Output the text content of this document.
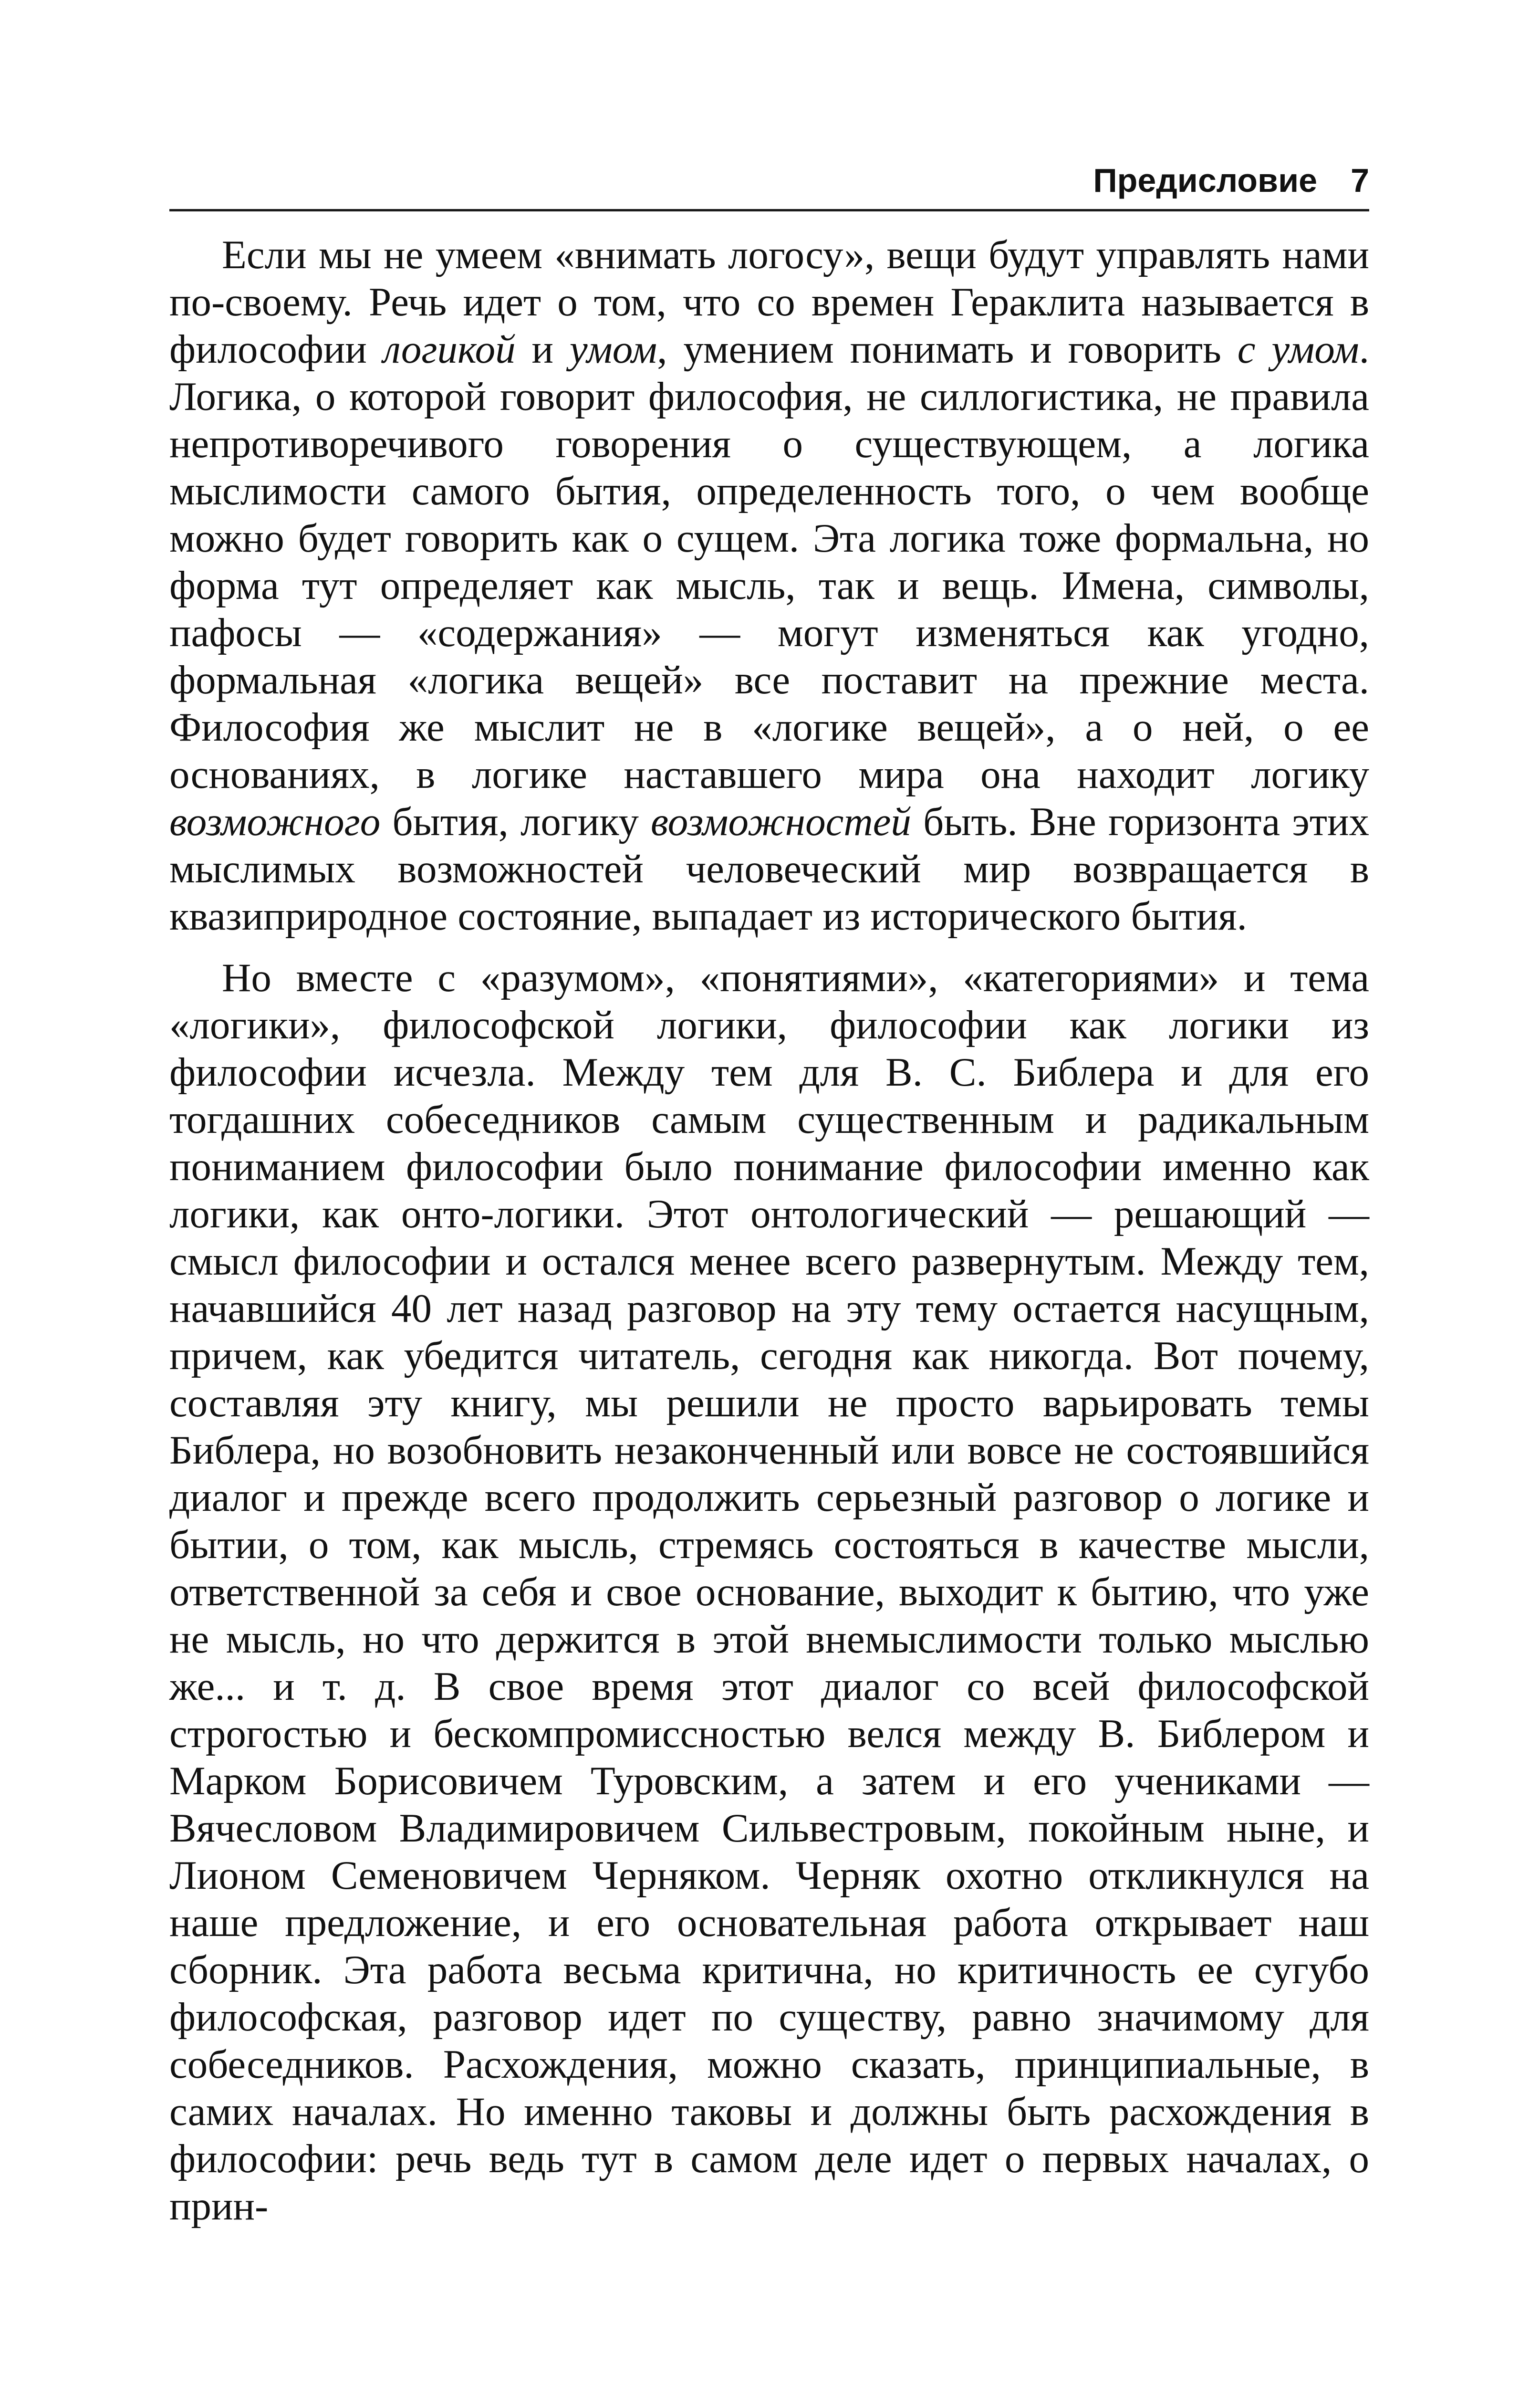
Предисловие 7

Если мы не умеем «внимать логосу», вещи будут управлять нами по-своему. Речь идет о том, что со времен Гераклита называется в философии логикой и умом, умением понимать и говорить с умом. Логика, о которой говорит философия, не силлогистика, не правила непротиворечивого говорения о существующем, а логика мыслимости самого бытия, определенность того, о чем вообще можно будет говорить как о сущем. Эта логика тоже формальна, но форма тут определяет как мысль, так и вещь. Имена, символы, пафосы — «содержания» — могут изменяться как угодно, формальная «логика вещей» все поставит на прежние места. Философия же мыслит не в «логике вещей», а о ней, о ее основаниях, в логике наставшего мира она находит логику возможного бытия, логику возможностей быть. Вне горизонта этих мыслимых возможностей человеческий мир возвращается в квазиприродное состояние, выпадает из исторического бытия.

Но вместе с «разумом», «понятиями», «категориями» и тема «логики», философской логики, философии как логики из философии исчезла. Между тем для В. С. Библера и для его тогдашних собеседников самым существенным и радикальным пониманием философии было понимание философии именно как логики, как онто-логики. Этот онтологический — решающий — смысл философии и остался менее всего развернутым. Между тем, начавшийся 40 лет назад разговор на эту тему остается насущным, причем, как убедится читатель, сегодня как никогда. Вот почему, составляя эту книгу, мы решили не просто варьировать темы Библера, но возобновить незаконченный или вовсе не состоявшийся диалог и прежде всего продолжить серьезный разговор о логике и бытии, о том, как мысль, стремясь состояться в качестве мысли, ответственной за себя и свое основание, выходит к бытию, что уже не мысль, но что держится в этой внемыслимости только мыслью же... и т. д. В свое время этот диалог со всей философской строгостью и бескомпромиссностью велся между В. Библером и Марком Борисовичем Туровским, а затем и его учениками — Вячесловом Владимировичем Сильвестровым, покойным ныне, и Лионом Семеновичем Черняком. Черняк охотно откликнулся на наше предложение, и его основательная работа открывает наш сборник. Эта работа весьма критична, но критичность ее сугубо философская, разговор идет по существу, равно значимому для собеседников. Расхождения, можно сказать, принципиальные, в самих началах. Но именно таковы и должны быть расхождения в философии: речь ведь тут в самом деле идет о первых началах, о прин-
